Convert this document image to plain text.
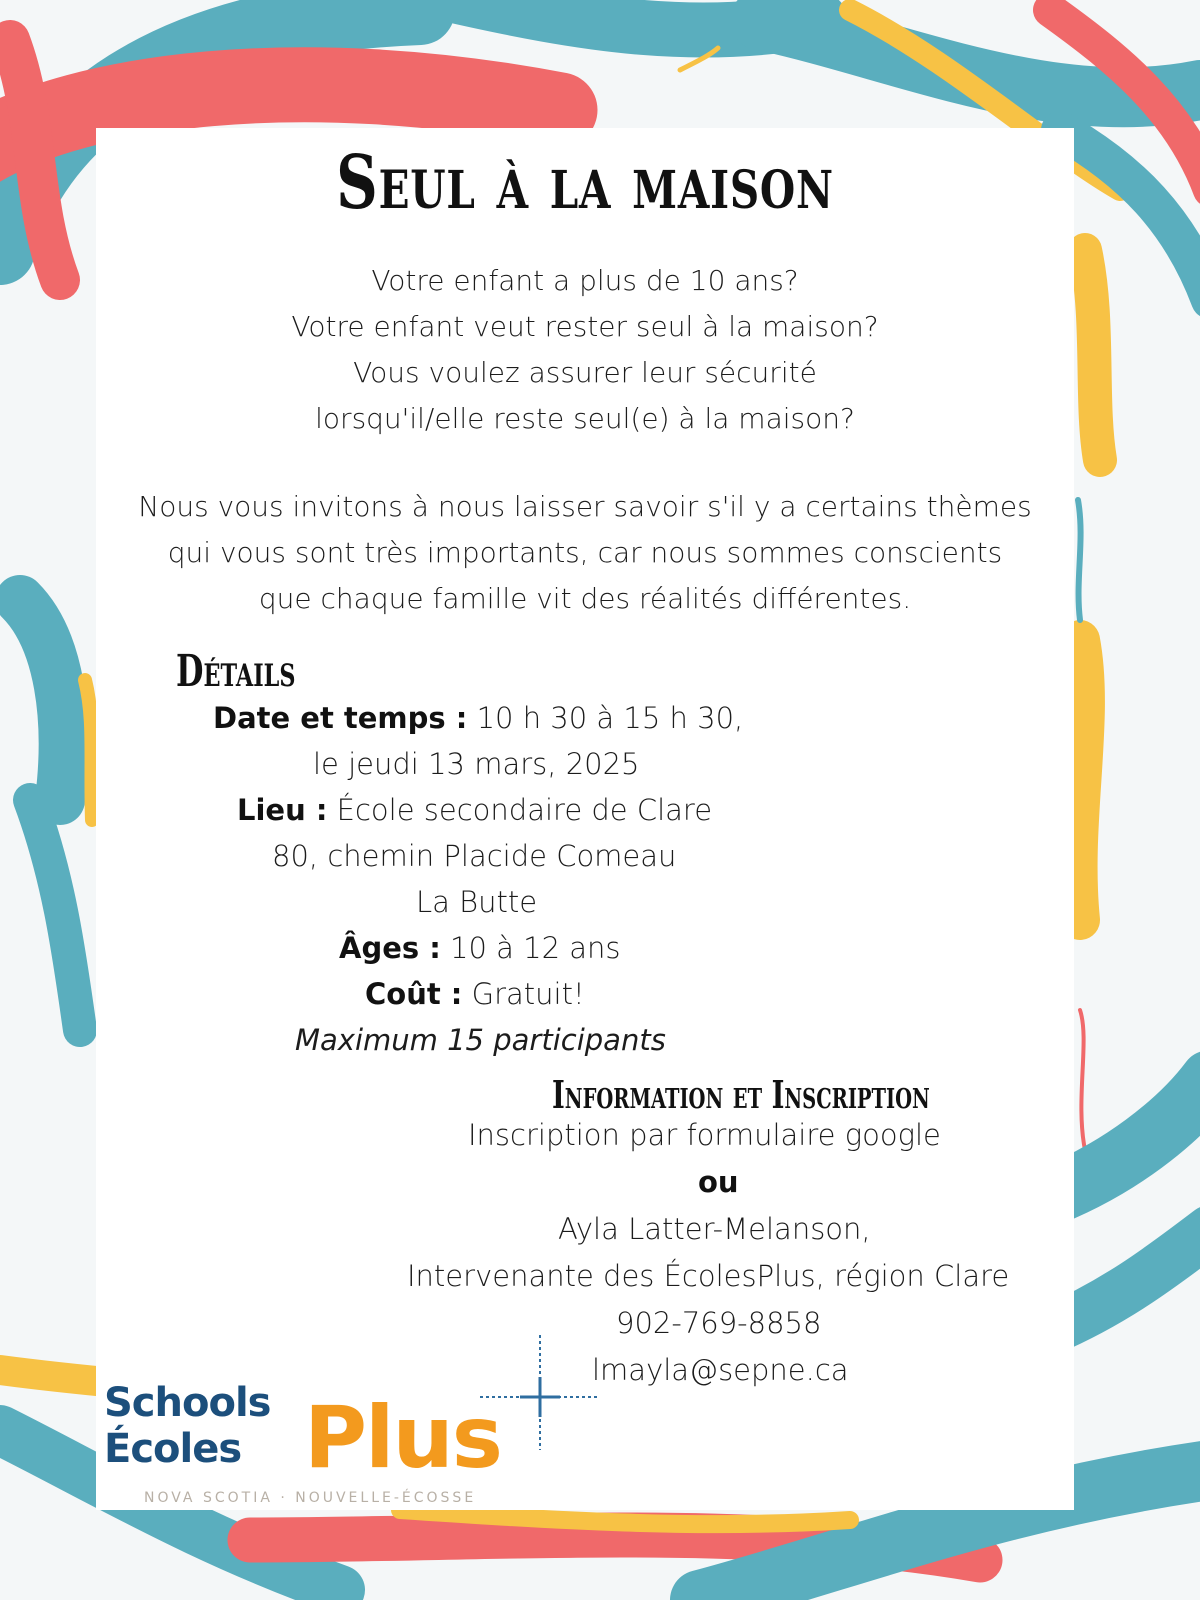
Seul à la maison
Votre enfant a plus de 10 ans?
Votre enfant veut rester seul à la maison?
Vous voulez assurer leur sécurité
lorsqu'il/elle reste seul(e) à la maison?
Nous vous invitons à nous laisser savoir s'il y a certains thèmes
qui vous sont très importants, car nous sommes conscients
que chaque famille vit des réalités différentes.
Détails
Date et temps : 10 h 30 à 15 h 30,
le jeudi 13 mars, 2025
Lieu : École secondaire de Clare
80, chemin Placide Comeau
La Butte
Âges : 10 à 12 ans
Coût : Gratuit!
Maximum 15 participants
Information et Inscription
Inscription par formulaire google
ou
Ayla Latter-Melanson,
Intervenante des ÉcolesPlus, région Clare
902-769-8858
lmayla@sepne.ca
Schools
Écoles Plus
NOVA SCOTIA · NOUVELLE-ÉCOSSE
